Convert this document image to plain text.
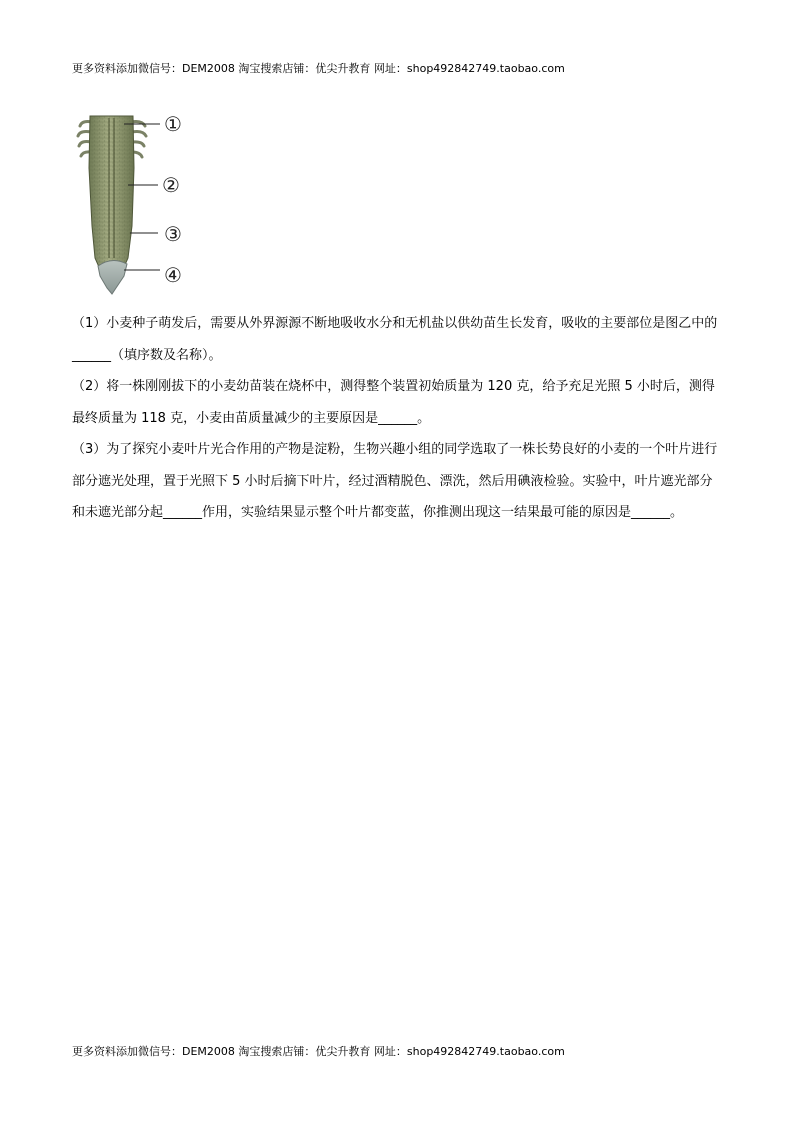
更多资料添加微信号：DEM2008 淘宝搜索店铺：优尖升教育 网址：shop492842749.taobao.com
①
②
③
④
（1）小麦种子萌发后，需要从外界源源不断地吸收水分和无机盐以供幼苗生长发育，吸收的主要部位是图乙中的______（填序数及名称）。
（2）将一株刚刚拔下的小麦幼苗装在烧杯中，测得整个装置初始质量为 120 克，给予充足光照 5 小时后，测得最终质量为 118 克，小麦由苗质量减少的主要原因是______。
（3）为了探究小麦叶片光合作用的产物是淀粉，生物兴趣小组的同学选取了一株长势良好的小麦的一个叶片进行部分遮光处理，置于光照下 5 小时后摘下叶片，经过酒精脱色、漂洗，然后用碘液检验。实验中，叶片遮光部分和未遮光部分起______作用，实验结果显示整个叶片都变蓝，你推测出现这一结果最可能的原因是______。
更多资料添加微信号：DEM2008 淘宝搜索店铺：优尖升教育 网址：shop492842749.taobao.com
